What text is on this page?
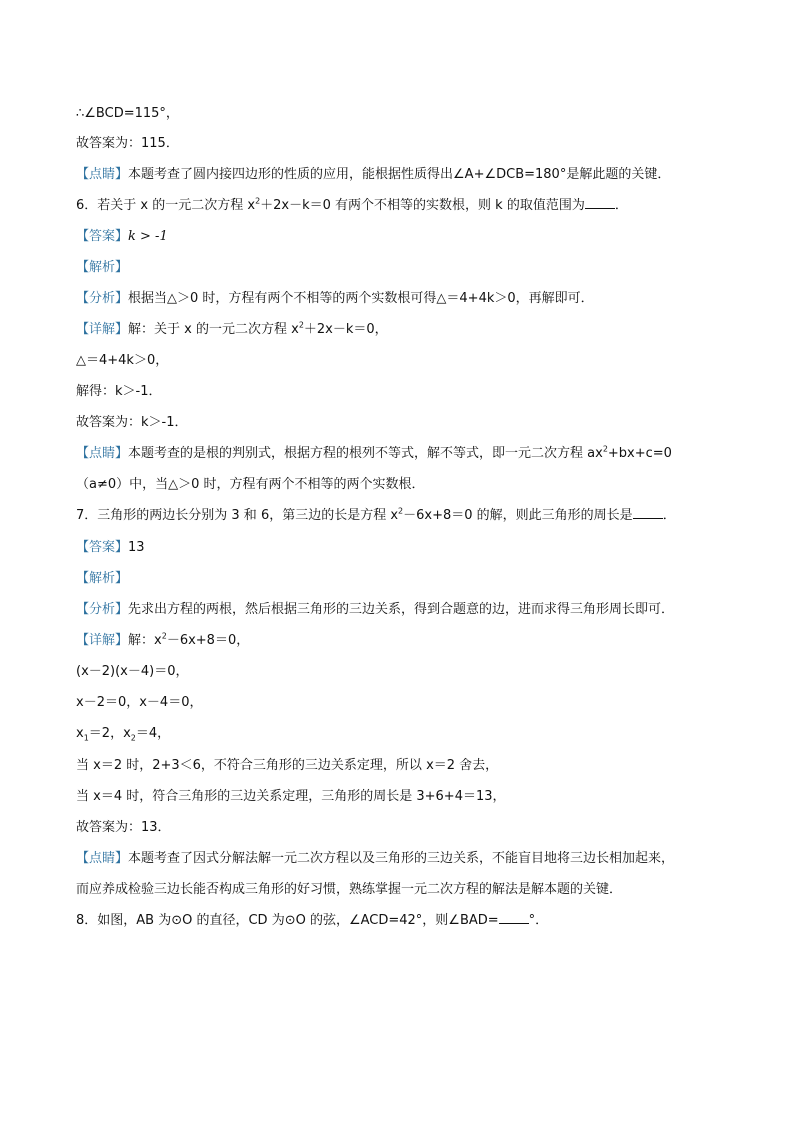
∴∠BCD=115°，
故答案为：115．
【点睛】本题考查了圆内接四边形的性质的应用，能根据性质得出∠A+∠DCB=180°是解此题的关键．
6．若关于 x 的一元二次方程 $x^2+2x-k=0$ 有两个不相等的实数根，则 k 的取值范围为 ．
【答案】k > -1
【解析】
【分析】根据当△＞0 时，方程有两个不相等的两个实数根可得△＝4+4k＞0，再解即可．
【详解】解：关于 x 的一元二次方程 $x^2+2x-k=0$，
△＝4+4k＞0，
解得：k＞-1．
故答案为：k＞-1．
【点睛】本题考查的是根的判别式，根据方程的根列不等式，解不等式，即一元二次方程 $ax^2+bx+c=0$
（a≠0）中，当△＞0 时，方程有两个不相等的两个实数根．
7．三角形的两边长分别为 3 和 6，第三边的长是方程 $x^2-6x+8=0$ 的解，则此三角形的周长是 ．
【答案】13
【解析】
【分析】先求出方程的两根，然后根据三角形的三边关系，得到合题意的边，进而求得三角形周长即可．
【详解】解：$x^2-6x+8=0$，
(x－2)(x－4)＝0，
x－2＝0，x－4＝0，
$x_1=2$，$x_2=4$，
当 x＝2 时，2+3＜6，不符合三角形的三边关系定理，所以 x＝2 舍去，
当 x＝4 时，符合三角形的三边关系定理，三角形的周长是 3+6+4＝13，
故答案为：13．
【点睛】本题考查了因式分解法解一元二次方程以及三角形的三边关系，不能盲目地将三边长相加起来，
而应养成检验三边长能否构成三角形的好习惯，熟练掌握一元二次方程的解法是解本题的关键．
8．如图，AB 为⊙O 的直径，CD 为⊙O 的弦，∠ACD=42°，则∠BAD= °．
